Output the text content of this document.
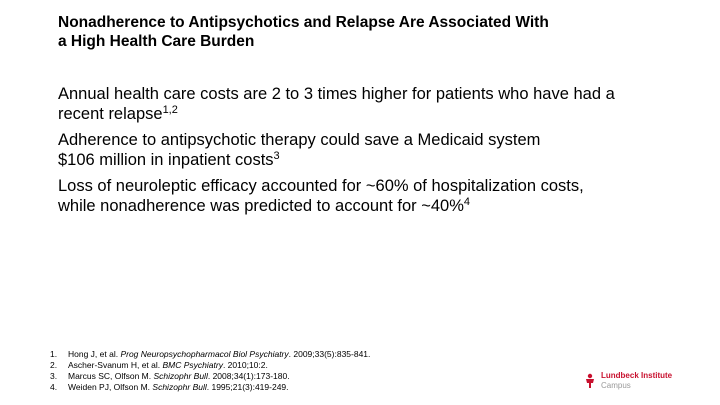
Nonadherence to Antipsychotics and Relapse Are Associated With
a High Health Care Burden
Annual health care costs are 2 to 3 times higher for patients who have had a
recent relapse$^{1,2}$
Adherence to antipsychotic therapy could save a Medicaid system
$106 million in inpatient costs$^3$
Loss of neuroleptic efficacy accounted for ~60% of hospitalization costs,
while nonadherence was predicted to account for ~40%$^4$
1.	Hong J, et al. Prog Neuropsychopharmacol Biol Psychiatry. 2009;33(5):835-841.
2.	Ascher-Svanum H, et al. BMC Psychiatry. 2010;10:2.
3.	Marcus SC, Olfson M. Schizophr Bull. 2008;34(1):173-180.
4.	Weiden PJ, Olfson M. Schizophr Bull. 1995;21(3):419-249.
Lundbeck Institute
Campus
